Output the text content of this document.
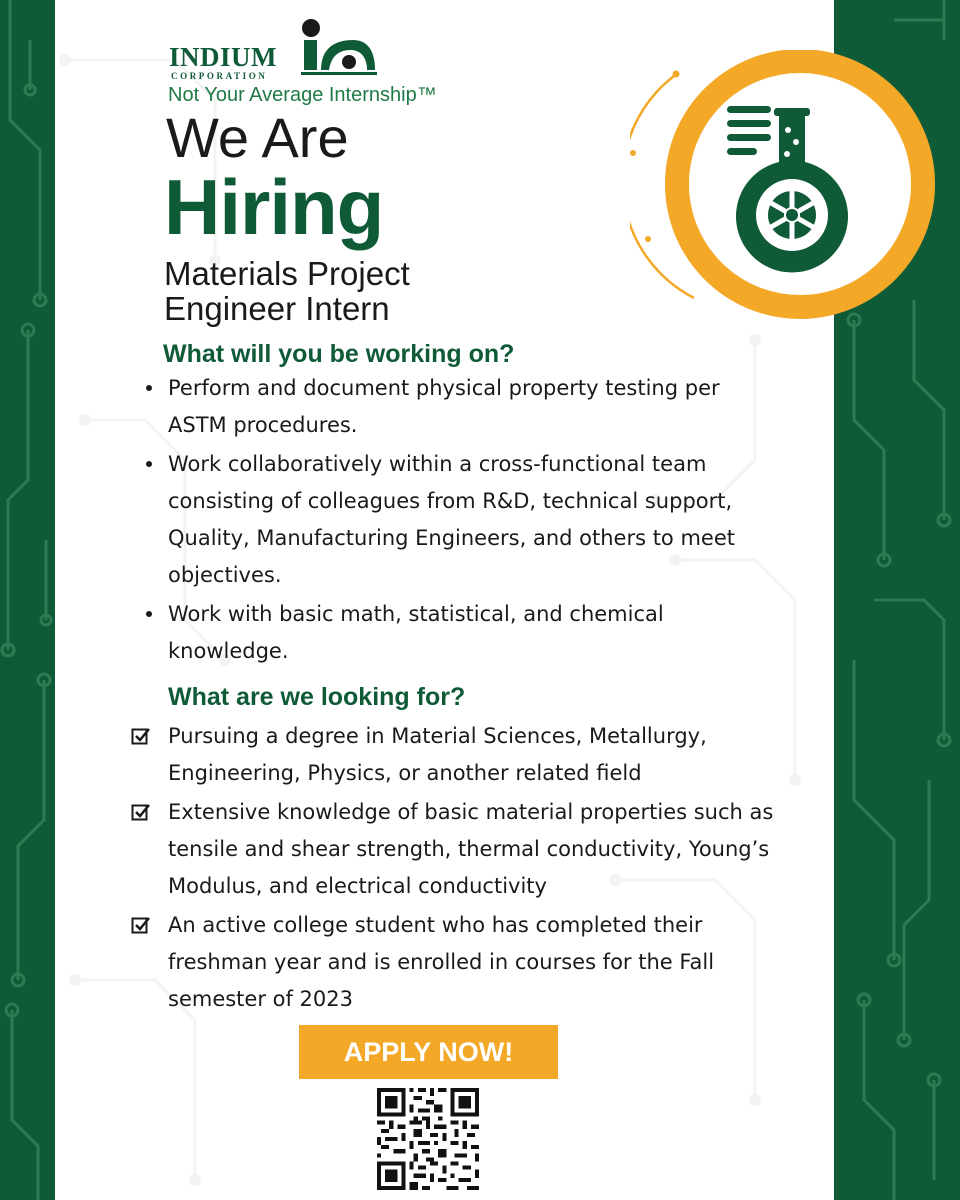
INDIUM
CORPORATION
Not Your Average Internship™
We Are
Hiring
Materials Project
Engineer Intern
What will you be working on?
Perform and document physical property testing per ASTM procedures.
Work collaboratively within a cross-functional team consisting of colleagues from R&D, technical support, Quality, Manufacturing Engineers, and others to meet objectives.
Work with basic math, statistical, and chemical knowledge.
What are we looking for?
Pursuing a degree in Material Sciences, Metallurgy, Engineering, Physics, or another related field
Extensive knowledge of basic material properties such as tensile and shear strength, thermal conductivity, Young’s Modulus, and electrical conductivity
An active college student who has completed their freshman year and is enrolled in courses for the Fall semester of 2023
APPLY NOW!
